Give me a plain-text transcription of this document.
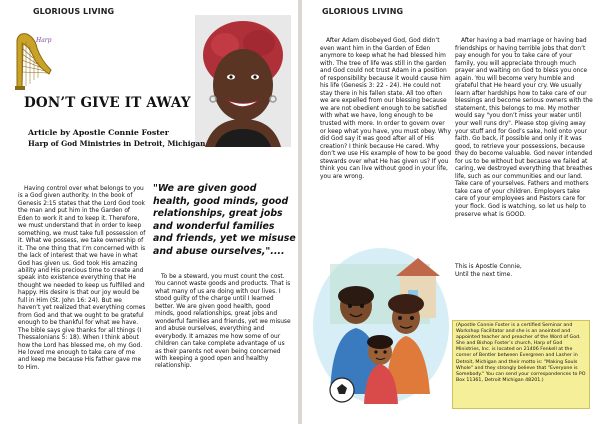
GLORIOUS LIVING
Harp
DON’T GIVE IT AWAY
Article by Apostle Connie Foster
Harp of God Ministries in Detroit, Michigan

Having control over what belongs to you is a God given authority. In the book of Genesis 2:15 states that the Lord God took the man and put him in the Garden of Eden to work it and to keep it. Therefore, we must understand that in order to keep something, we must take full possession of it. What we possess, we take ownership of it. The one thing that I’m concerned with is the lack of interest that we have in what God has given us. God took His amazing ability and His precious time to create and speak into existence everything that He thought we needed to keep us fulfilled and happy. His desire is that our joy would be full in Him (St. John 16: 24). But we haven’t yet realized that everything comes from God and that we ought to be grateful enough to be thankful for what we have. The bible says give thanks for all things (I Thessalonians 5: 18). When I think about how the Lord has blessed me, oh my God. He loved me enough to take care of me and keep me because His father gave me to Him.

"We are given good health, good minds, good relationships, great jobs and wonderful families and friends, yet we misuse and abuse ourselves,"....

To be a steward, you must count the cost. You cannot waste goods and products. That is what many of us are doing with our lives. I stood guilty of the charge until I learned better. We are given good health, good minds, good relationships, great jobs and wonderful families and friends, yet we misuse and abuse ourselves, everything and everybody. It amazes me how some of our children can take complete advantage of us as their parents not even being concerned with keeping a good open and healthy relationship.

GLORIOUS LIVING

After Adam disobeyed God, God didn’t even want him in the Garden of Eden anymore to keep what he had blessed him with. The tree of life was still in the garden and God could not trust Adam in a position of responsibility because it would cause him his life (Genesis 3: 22 - 24). He could not stay there in his fallen state. All too often we are expelled from our blessing because we are not obedient enough to be satisfied with what we have, long enough to be trusted with more. In order to govern over or keep what you have, you must obey. Why did God say it was good after all of His creation? I think because He cared. Why don’t we use His example of how to be good stewards over what He has given us? If you think you can live without good in your life, you are wrong.

After having a bad marriage or having bad friendships or having terrible jobs that don’t pay enough for you to take care of your family, you will appreciate through much prayer and waiting on God to bless you once again. You will become very humble and grateful that He heard your cry. We usually learn after hardships how to take care of our blessings and become serious owners with the statement, this belongs to me. My mother would say "you don’t miss your water until your well runs dry". Please stop giving away your stuff and for God’s sake, hold onto your faith. Go back, if possible and only if it was good, to retrieve your possessions, because they do become valuable. God never intended for us to be without but because we failed at caring, we destroyed everything that breathes life, such as our communities and our land. Take care of yourselves. Fathers and mothers take care of your children. Employers take care of your employees and Pastors care for your flock. God is watching, so let us help to preserve what is GOOD.

This is Apostle Connie,
Until the next time.

(Apostle Connie Foster is a certified Seminar and Workshop Facilitator and she is an anointed and appointed teacher and preacher of the Word of God. She and Bishop Foster’s church, Harp of God Ministries, Inc. is located on 21406 Fenkell at the corner of Bentler between Evergreen and Lasher in Detroit, Michigan and their motto is: "Making Souls Whole" and they strongly believe that "Everyone is Somebody." You can send your correspondences to PO Box 11361, Detroit Michigan 48201.)
